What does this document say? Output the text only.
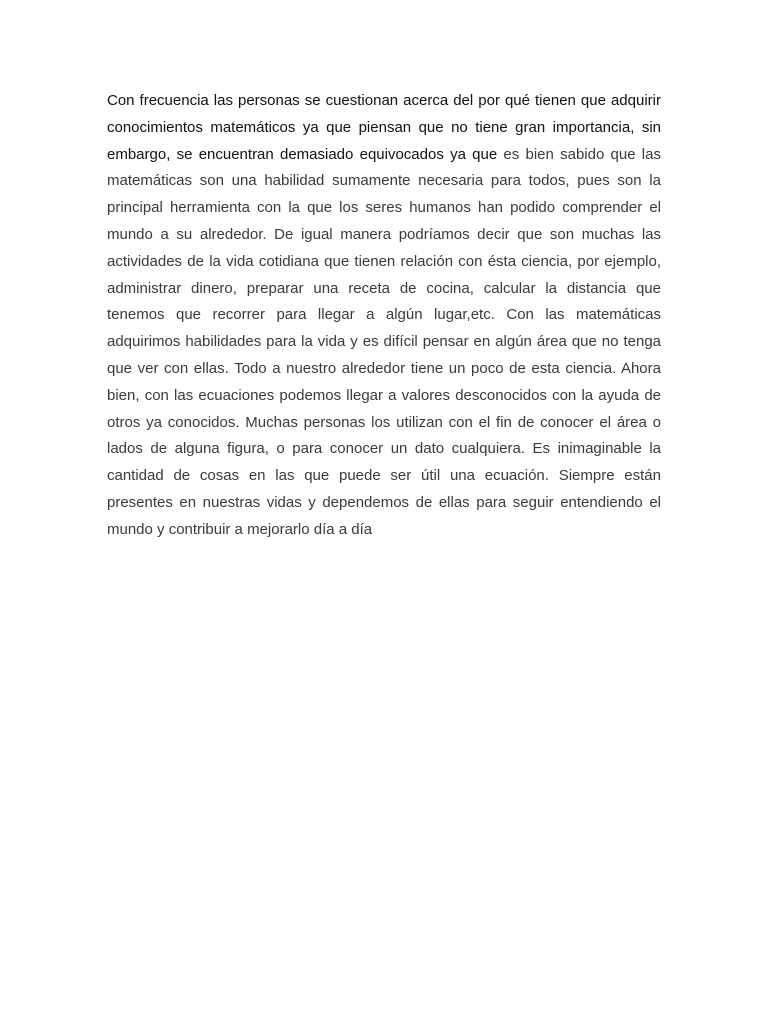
Con frecuencia las personas se cuestionan acerca del por qué tienen que adquirir conocimientos matemáticos ya que piensan que no tiene gran importancia, sin embargo, se encuentran demasiado equivocados ya que es bien sabido que las matemáticas son una habilidad sumamente necesaria para todos, pues son la principal herramienta con la que los seres humanos han podido comprender el mundo a su alrededor. De igual manera podríamos decir que son muchas las actividades de la vida cotidiana que tienen relación con ésta ciencia, por ejemplo, administrar dinero, preparar una receta de cocina, calcular la distancia que tenemos que recorrer para llegar a algún lugar,etc. Con las matemáticas adquirimos habilidades para la vida y es difícil pensar en algún área que no tenga que ver con ellas. Todo a nuestro alrededor tiene un poco de esta ciencia. Ahora bien, con las ecuaciones podemos llegar a valores desconocidos con la ayuda de otros ya conocidos. Muchas personas los utilizan con el fin de conocer el área o lados de alguna figura, o para conocer un dato cualquiera. Es inimaginable la cantidad de cosas en las que puede ser útil una ecuación. Siempre están presentes en nuestras vidas y dependemos de ellas para seguir entendiendo el mundo y contribuir a mejorarlo día a día
